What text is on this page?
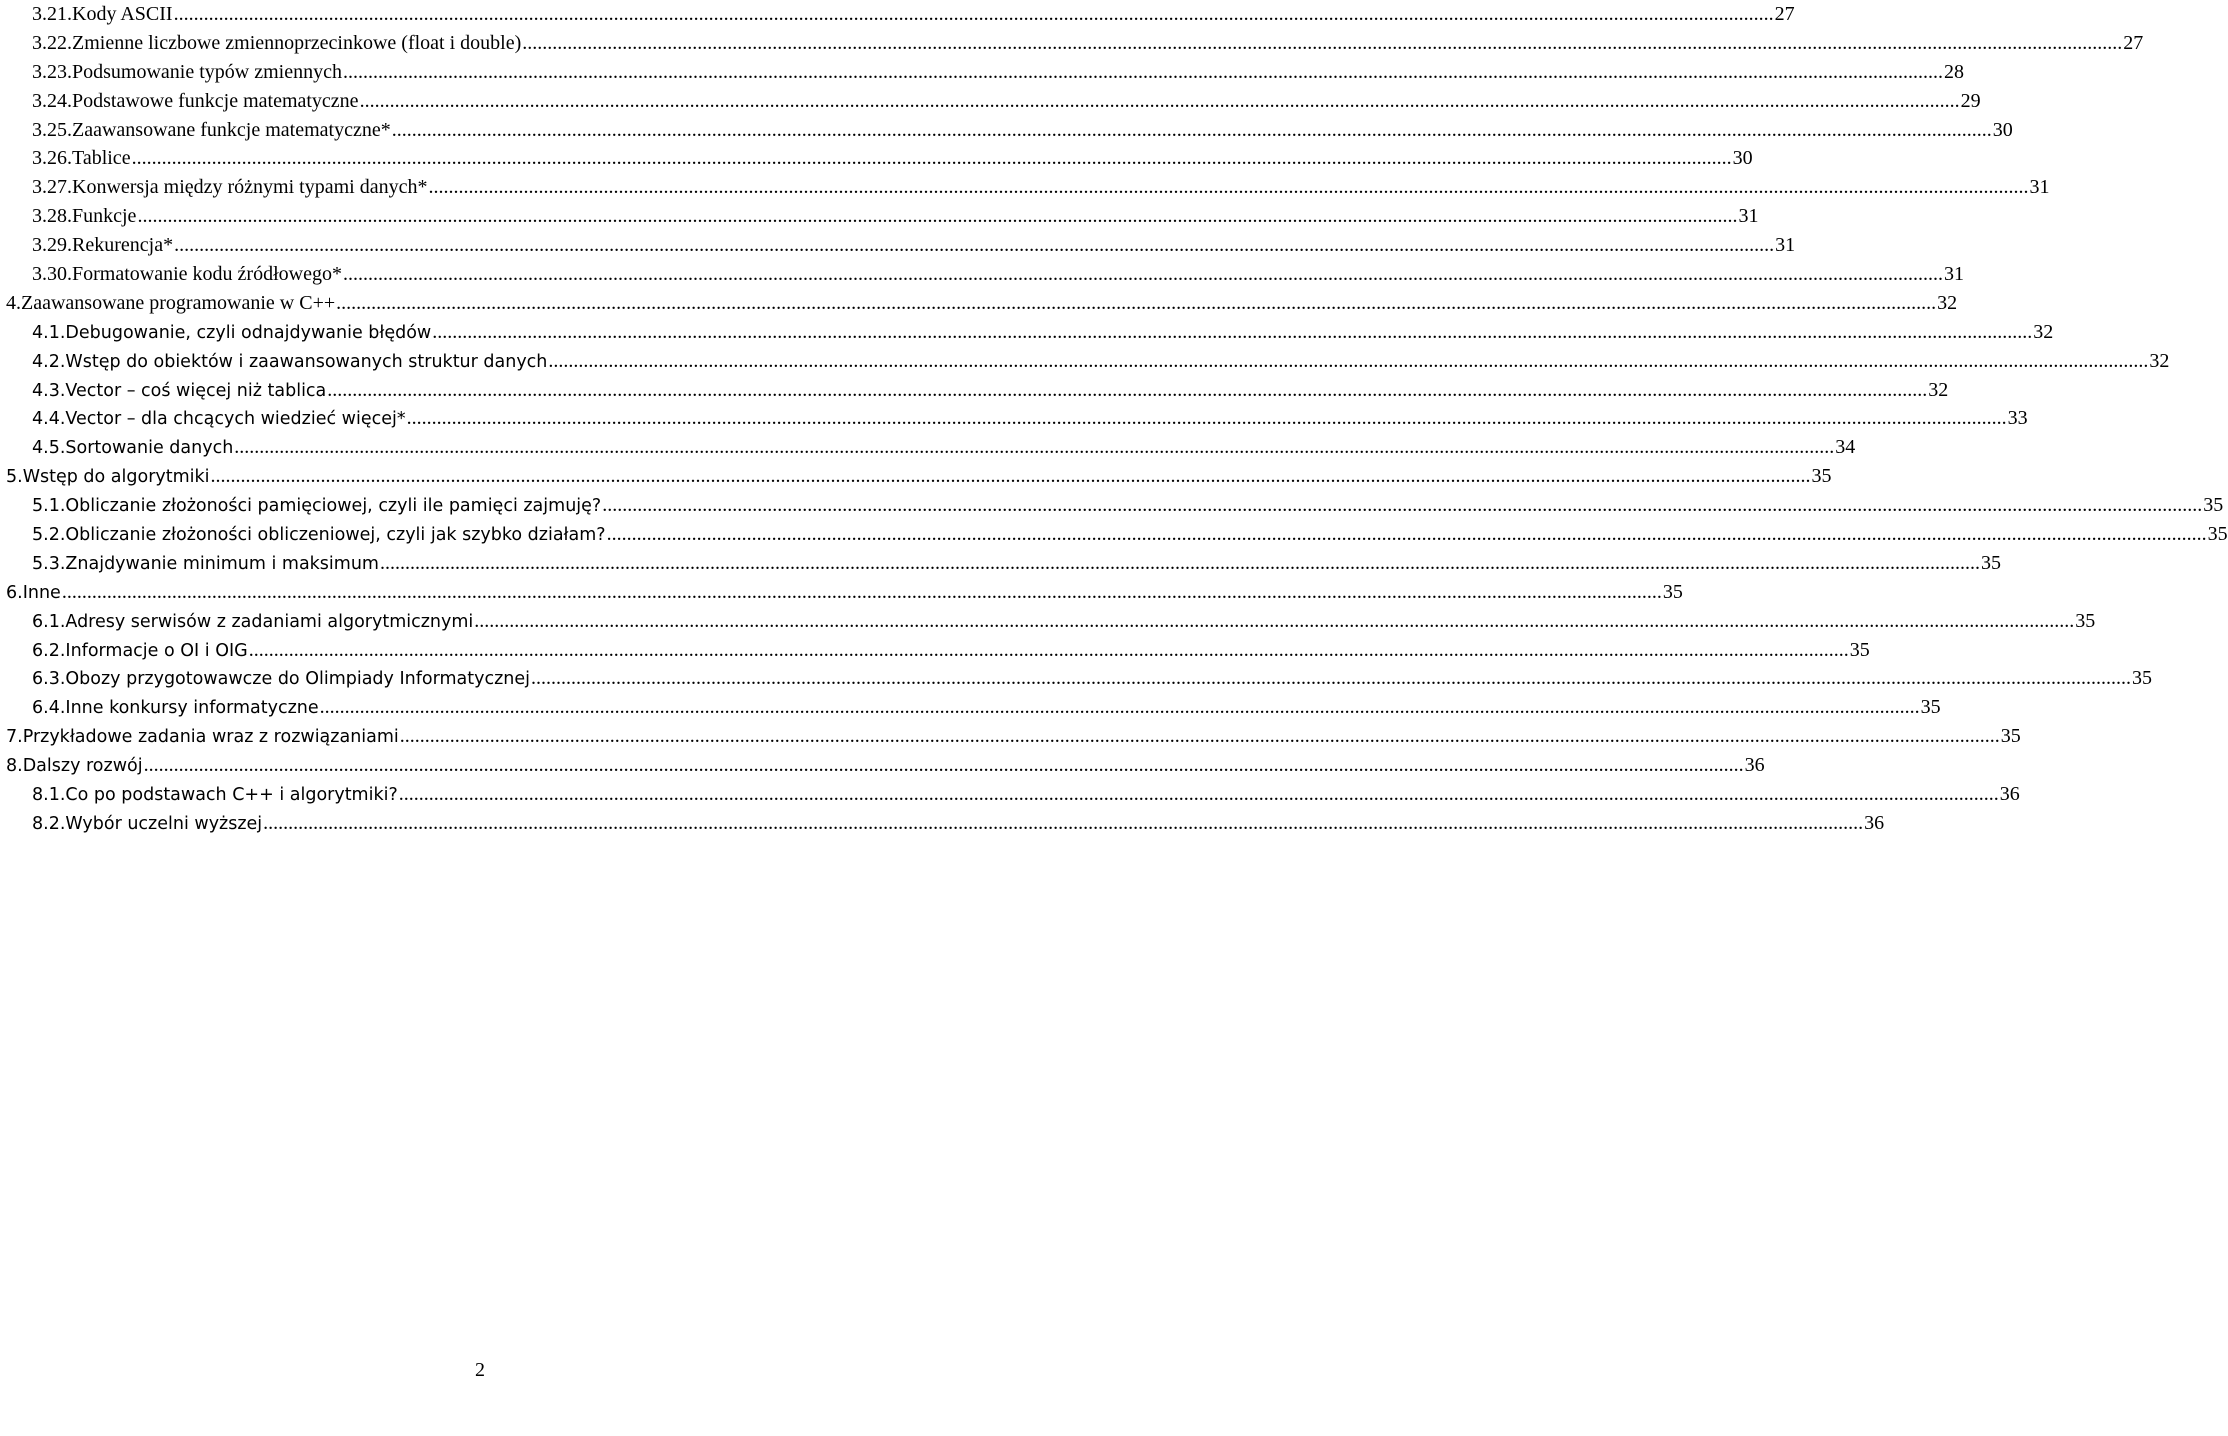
3.21.Kody ASCII .....	27
3.22.Zmienne liczbowe zmiennoprzecinkowe (float i double) .....	27
3.23.Podsumowanie typów zmiennych .....	28
3.24.Podstawowe funkcje matematyczne .....	29
3.25.Zaawansowane funkcje matematyczne* .....	30
3.26.Tablice .....	30
3.27.Konwersja między różnymi typami danych* .....	31
3.28.Funkcje .....	31
3.29.Rekurencja* .....	31
3.30.Formatowanie kodu źródłowego* .....	31
4.Zaawansowane programowanie w C++ .....	32
4.1.Debugowanie, czyli odnajdywanie błędów .....	32
4.2.Wstęp do obiektów i zaawansowanych struktur danych .....	32
4.3.Vector – coś więcej niż tablica .....	32
4.4.Vector – dla chcących wiedzieć więcej* .....	33
4.5.Sortowanie danych .....	34
5.Wstęp do algorytmiki .....	35
5.1.Obliczanie złożoności pamięciowej, czyli ile pamięci zajmuję? .....	35
5.2.Obliczanie złożoności obliczeniowej, czyli jak szybko działam? .....	35
5.3.Znajdywanie minimum i maksimum .....	35
6.Inne .....	35
6.1.Adresy serwisów z zadaniami algorytmicznymi .....	35
6.2.Informacje o OI i OIG .....	35
6.3.Obozy przygotowawcze do Olimpiady Informatycznej .....	35
6.4.Inne konkursy informatyczne .....	35
7.Przykładowe zadania wraz z rozwiązaniami .....	35
8.Dalszy rozwój .....	36
8.1.Co po podstawach C++ i algorytmiki? .....	36
8.2.Wybór uczelni wyższej .....	36
2
